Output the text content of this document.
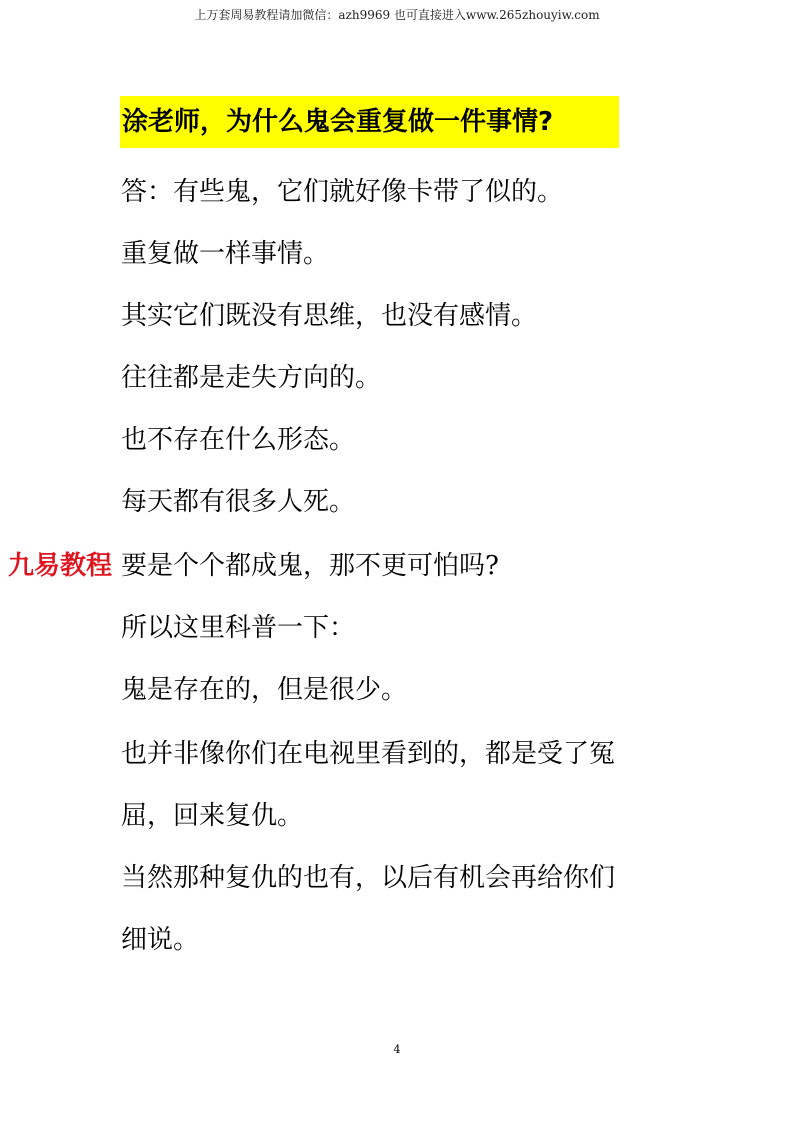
上万套周易教程请加微信：azh9969 也可直接进入www.265zhouyiw.com
涂老师，为什么鬼会重复做一件事情?
答：有些鬼，它们就好像卡带了似的。
重复做一样事情。
其实它们既没有思维，也没有感情。
往往都是走失方向的。
也不存在什么形态。
每天都有很多人死。
要是个个都成鬼，那不更可怕吗?
所以这里科普一下：
鬼是存在的，但是很少。
也并非像你们在电视里看到的，都是受了冤
屈，回来复仇。
当然那种复仇的也有，以后有机会再给你们
细说。
九易教程
4
